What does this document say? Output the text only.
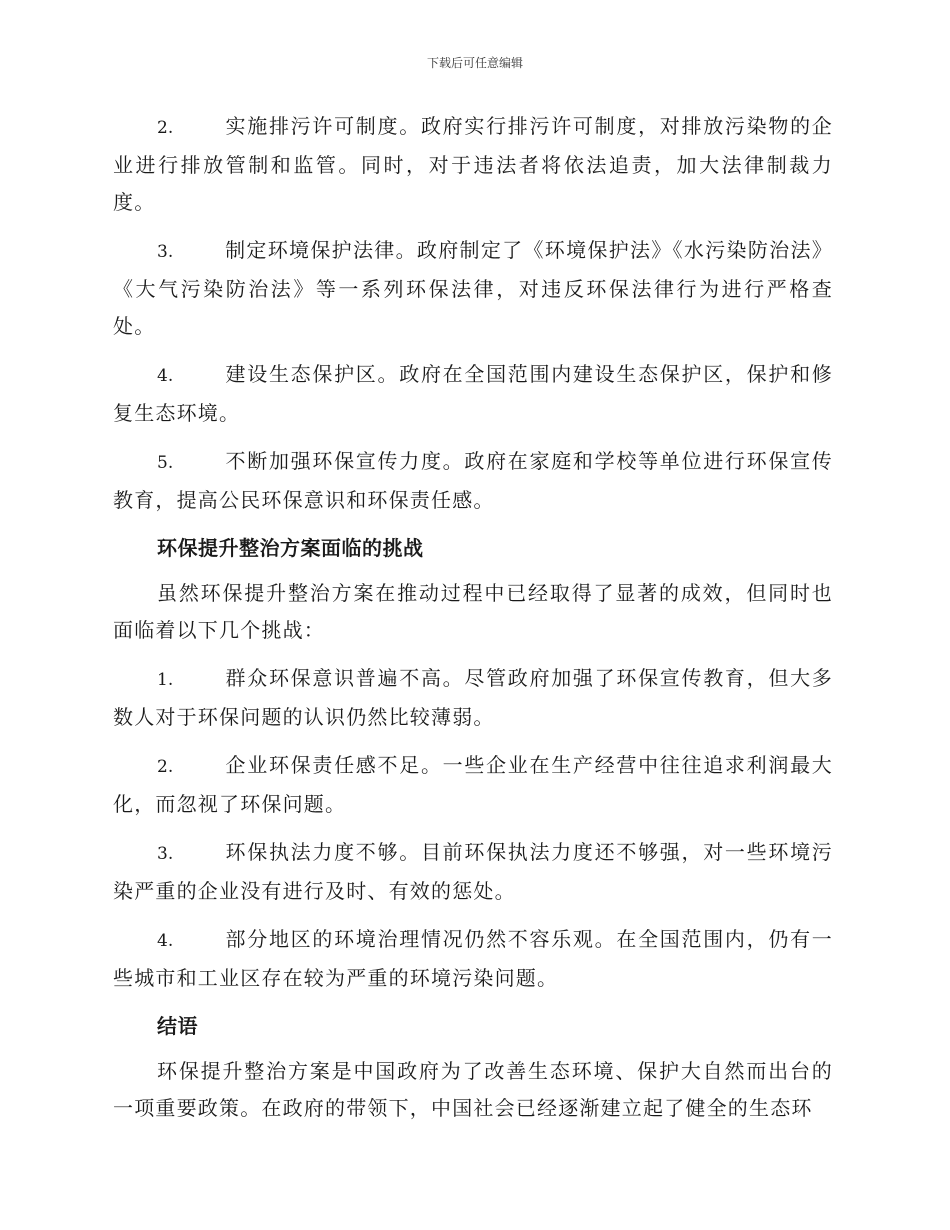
下载后可任意编辑
2.	实施排污许可制度。政府实行排污许可制度，对排放污染物的企业进行排放管制和监管。同时，对于违法者将依法追责，加大法律制裁力度。
3.	制定环境保护法律。政府制定了《环境保护法》《水污染防治法》《大气污染防治法》等一系列环保法律，对违反环保法律行为进行严格查处。
4.	建设生态保护区。政府在全国范围内建设生态保护区，保护和修复生态环境。
5.	不断加强环保宣传力度。政府在家庭和学校等单位进行环保宣传教育，提高公民环保意识和环保责任感。
环保提升整治方案面临的挑战
虽然环保提升整治方案在推动过程中已经取得了显著的成效，但同时也面临着以下几个挑战：
1.	群众环保意识普遍不高。尽管政府加强了环保宣传教育，但大多数人对于环保问题的认识仍然比较薄弱。
2.	企业环保责任感不足。一些企业在生产经营中往往追求利润最大化，而忽视了环保问题。
3.	环保执法力度不够。目前环保执法力度还不够强，对一些环境污染严重的企业没有进行及时、有效的惩处。
4.	部分地区的环境治理情况仍然不容乐观。在全国范围内，仍有一些城市和工业区存在较为严重的环境污染问题。
结语
环保提升整治方案是中国政府为了改善生态环境、保护大自然而出台的一项重要政策。在政府的带领下，中国社会已经逐渐建立起了健全的生态环
